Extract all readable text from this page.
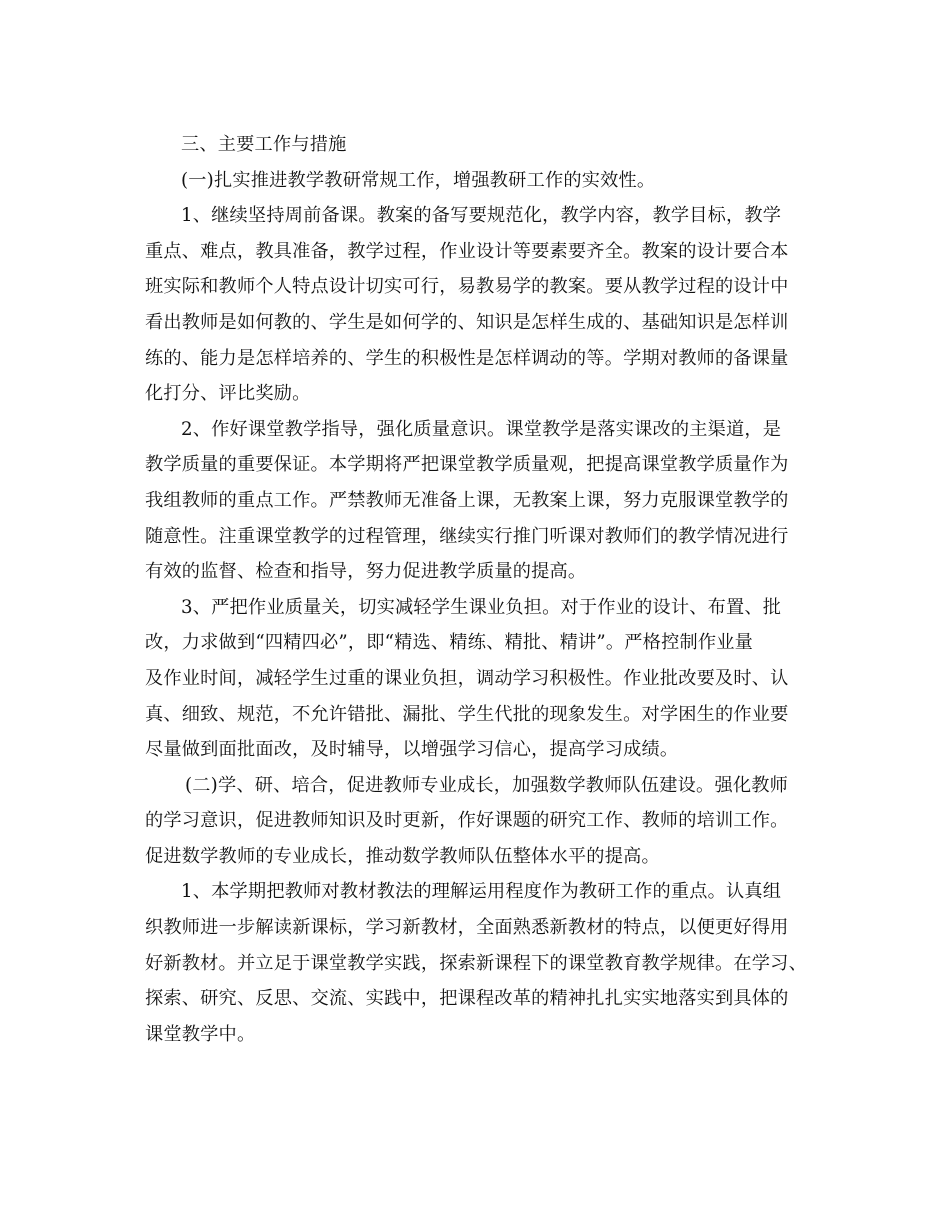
三、主要工作与措施
(一)扎实推进教学教研常规工作，增强教研工作的实效性。
1、继续坚持周前备课。教案的备写要规范化，教学内容，教学目标，教学
重点、难点，教具准备，教学过程，作业设计等要素要齐全。教案的设计要合本
班实际和教师个人特点设计切实可行，易教易学的教案。要从教学过程的设计中
看出教师是如何教的、学生是如何学的、知识是怎样生成的、基础知识是怎样训
练的、能力是怎样培养的、学生的积极性是怎样调动的等。学期对教师的备课量
化打分、评比奖励。
2、作好课堂教学指导，强化质量意识。课堂教学是落实课改的主渠道，是
教学质量的重要保证。本学期将严把课堂教学质量观，把提高课堂教学质量作为
我组教师的重点工作。严禁教师无准备上课，无教案上课，努力克服课堂教学的
随意性。注重课堂教学的过程管理，继续实行推门听课对教师们的教学情况进行
有效的监督、检查和指导，努力促进教学质量的提高。
3、严把作业质量关，切实减轻学生课业负担。对于作业的设计、布置、批
改，力求做到“四精四必”，即“精选、精练、精批、精讲”。严格控制作业量
及作业时间，减轻学生过重的课业负担，调动学习积极性。作业批改要及时、认
真、细致、规范，不允许错批、漏批、学生代批的现象发生。对学困生的作业要
尽量做到面批面改，及时辅导，以增强学习信心，提高学习成绩。
(二)学、研、培合，促进教师专业成长，加强数学教师队伍建设。强化教师
的学习意识，促进教师知识及时更新，作好课题的研究工作、教师的培训工作。
促进数学教师的专业成长，推动数学教师队伍整体水平的提高。
1、本学期把教师对教材教法的理解运用程度作为教研工作的重点。认真组
织教师进一步解读新课标，学习新教材，全面熟悉新教材的特点，以便更好得用
好新教材。并立足于课堂教学实践，探索新课程下的课堂教育教学规律。在学习、
探索、研究、反思、交流、实践中，把课程改革的精神扎扎实实地落实到具体的
课堂教学中。
